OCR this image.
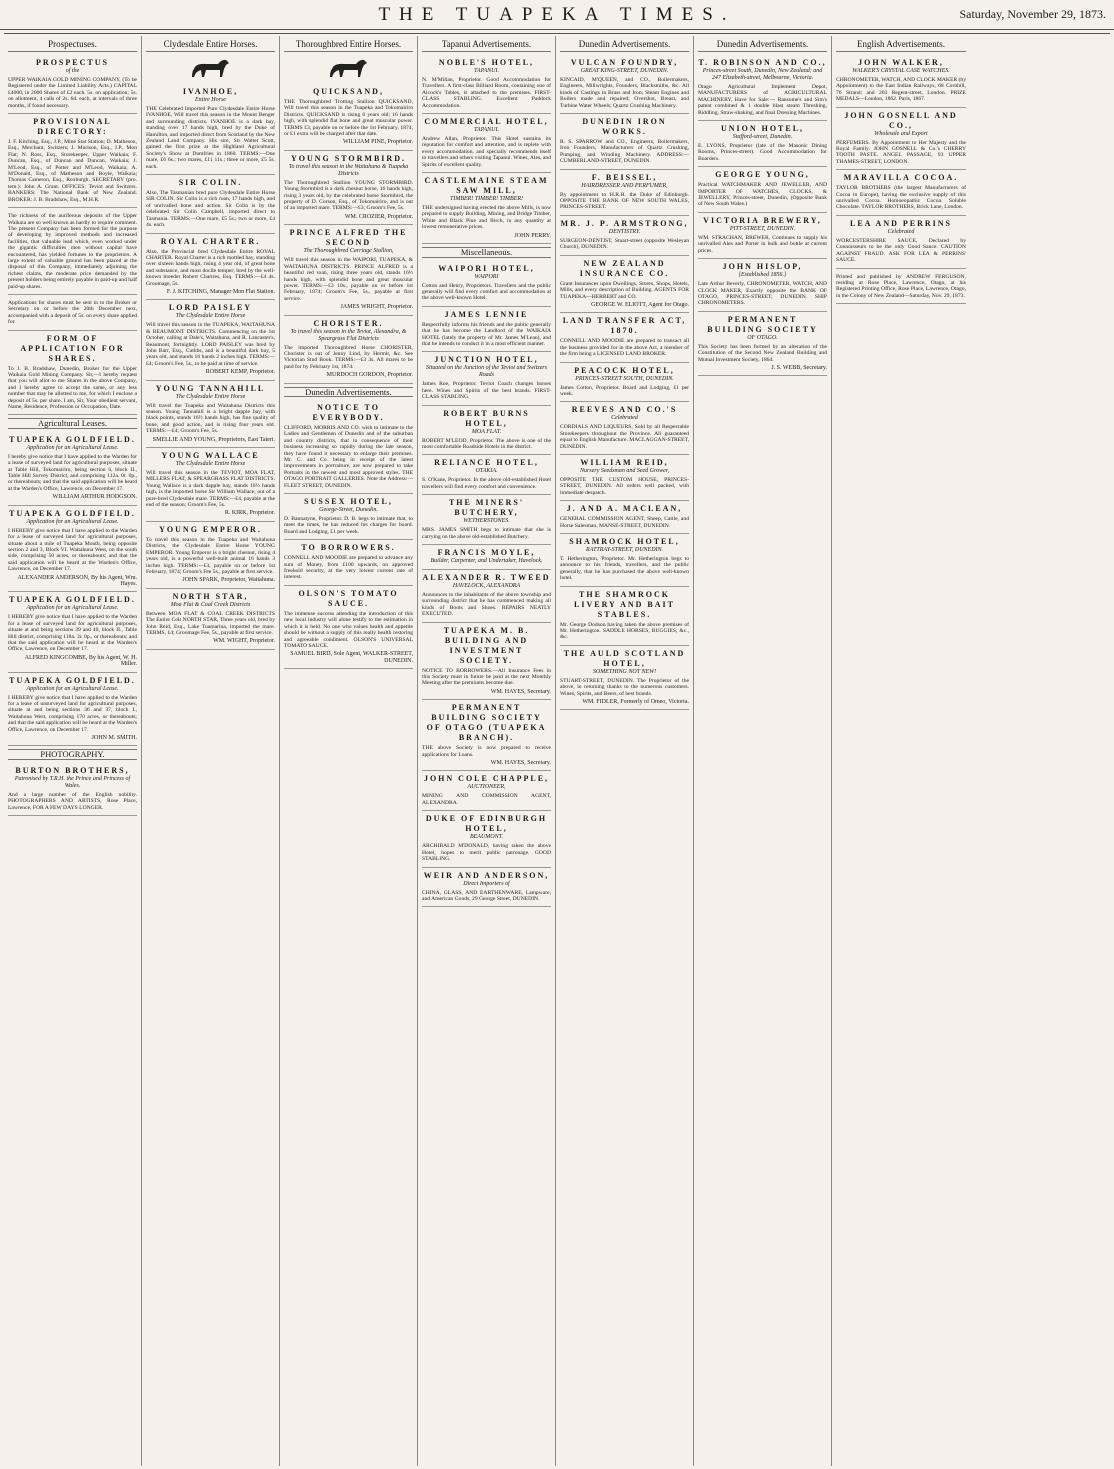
THE TUAPEKA TIMES.	Saturday, November 29, 1873.
Prospectuses.
PROSPECTUS
of the
UPPER WAIKAIA GOLD MINING COMPANY, (To be Registered under the Limited Liability Acts.) CAPITAL £4000, in 2000 Shares of £2 each. 5s. on application; 5s. on allotment, 4 calls of 2s. 6d. each, at intervals of three months, if found necessary.
PROVISIONAL DIRECTORY:
J. F. Kitching, Esq., J.P., Mine Stat Station; D. Matheson, Esq., Merchant, Switzers; J. Murison, Esq., J.P., Mon Flat; N. Ross, Esq., Storekeeper, Upper Waikaia; F. Duncan, Esq., of Duncan and Duncan, Waikaia; J. M'Leod, Esq., of Potter and M'Leod, Waikaia; A. M'Donald, Esq., of Matheson and Boyle, Waikaia; Thomas Cameron, Esq., Roxburgh. SECRETARY (pro. tem.): John A. Grant. OFFICES: Teviot and Switzers. BANKERS: The National Bank of New Zealand. BROKER: J. B. Bradshaw, Esq., M.H.R.
The richness of the auriferous deposits of the Upper Waikaia are so well known as hardly to require comment. The present Company has been formed for the purpose of developing by improved methods and increased facilities, that valuable lead which, even worked under the gigantic difficulties men without capital have encountered, has yielded fortunes to the proprietors. A large extent of valuable ground has been placed at the disposal of this Company, immediately adjoining the richest claims, the moderate price demanded by the present holders being entirely payable in paid-up and half paid-up shares.
Applications for shares must be sent in to the Broker or Secretary on or before the 20th December next, accompanied with a deposit of 5s. on every share applied for.
FORM OF APPLICATION FOR SHARES.
To J. B. Bradshaw, Dunedin, Broker for the Upper Waikaia Gold Mining Company. Sir,—I hereby request that you will allot to me Shares in the above Company, and I hereby agree to accept the same, or any less number that may be allotted to me, for which I enclose a deposit of 5s. per share. I am, Sir, Your obedient servant, Name, Residence, Profession or Occupation, Date.
Agricultural Leases.
TUAPEKA GOLDFIELD.
Application for an Agricultural Lease.
I hereby give notice that I have applied to the Warden for a lease of surveyed land for agricultural purposes, situate at Table Hill, Tokomairiro, being section 6, block II., Table Hill Survey District, and comprising 112a. 0r. 0p., or thereabouts; and that the said application will be heard at the Warden's Office, Lawrence, on December 17.
WILLIAM ARTHUR HODGSON.
TUAPEKA GOLDFIELD.
Application for an Agricultural Lease.
I HEREBY give notice that I have applied to the Warden for a lease of surveyed land for agricultural purposes, situate about a mile of Tuapeka Mouth, being opposite section 2 and 3, Block VI. Waitahuna West, on the south side, comprising 50 acres, or thereabouts; and that the said application will be heard at the Warden's Office, Lawrence, on December 17.
ALEXANDER ANDERSON, By his Agent, Wm. Hayes.
TUAPEKA GOLDFIELD.
Application for an Agricultural Lease.
I HEREBY give notice that I have applied to the Warden for a lease of surveyed land for agricultural purposes, situate at and being sections 39 and 40, block II., Table Hill district, comprising 118a. 3r. 0p., or thereabouts; and that the said application will be heard at the Warden's Office, Lawrence, on December 17.
ALFRED KINGCOMBE, By his Agent, W. H. Miller.
TUAPEKA GOLDFIELD.
Application for an Agricultural Lease.
I HEREBY give notice that I have applied to the Warden for a lease of unsurveyed land for agricultural purposes, situate at and being sections 36 and 37, block I., Waitahuna West, comprising 170 acres, or thereabouts; and that the said application will be heard at the Warden's Office, Lawrence, on December 17.
JOHN M. SMITH.
PHOTOGRAPHY.
BURTON BROTHERS,
Patronised by T.R.H. the Prince and Princess of Wales.
And a large number of the English nobility. PHOTOGRAPHERS AND ARTISTS, Rose Place, Lawrence, FOR A FEW DAYS LONGER.
Clydesdale Entire Horses.
IVANHOE,
Entire Horse
THE Celebrated Imported Pure Clydesdale Entire Horse IVANHOE, Will travel this season in the Mount Benger and surrounding districts. IVANHOE is a dark bay, standing over 17 hands high, bred by the Duke of Hamilton, and imported direct from Scotland by the New Zealand Land Company. His sire, Sir Walter Scott, gained the first prize at the Highland Agricultural Society's Show at Dumfries in 1860. TERMS:—One mare, £6 6s.; two mares, £11 11s.; three or more, £5 5s. each.
SIR COLIN.
Also, The Tasmanian bred pure Clydesdale Entire Horse SIR COLIN. Sir Colin is a rich roan, 17 hands high, and of unrivalled bone and action. Sir Colin is by the celebrated Sir Colin Campbell, imported direct to Tasmania. TERMS:—One mare, £5 5s.; two or more, £4 4s. each.
ROYAL CHARTER.
Also, the Provincial bred Clydesdale Entire ROYAL CHARTER. Royal Charter is a rich mottled bay, standing over sixteen hands high, rising 4 year old, of great bone and substance, and most docile temper; bred by the well-known breeder Robert Chartres, Esq. TERMS:—£4 4s. Groomage, 5s.
F. J. KITCHING, Manager Mon Flat Station.
LORD PAISLEY
The Clydesdale Entire Horse
Will travel this season in the TUAPEKA, WAITAHUNA & BEAUMONT DISTRICTS. Commencing on the 1st October, calling at Dale's, Waitahuna, and R. Lancaster's, Beaumont, fortnightly. LORD PAISLEY was bred by John Barr, Esq., Cuthbs, and is a beautiful dark bay, 5 years old, and stands 16 hands 2 inches high. TERMS:—£4; Groom's Fee, 5s., to be paid at time of service.
ROBERT KEMP, Proprietor.
YOUNG TANNAHILL
The Clydesdale Entire Horse
Will travel the Tuapeka and Waitahuna Districts this season. Young Tannahill is a bright dapple bay, with black points, stands 16½ hands high, has fine quality of bone, and good action, and is rising four years old. TERMS:—£4; Groom's Fee, 5s.
SMELLIE AND YOUNG, Proprietors, East Taieri.
YOUNG WALLACE
The Clydesdale Entire Horse
Will travel this season in the TEVIOT, MOA FLAT, MILLERS FLAT, & SPEARGRASS FLAT DISTRICTS. Young Wallace is a dark dapple bay, stands 16½ hands high, is the imported horse Sir William Wallace, out of a pure-bred Clydesdale mare. TERMS:—£4, payable at the end of the season; Groom's Fee, 5s.
R. KIRK, Proprietor.
YOUNG EMPEROR.
To travel this season in the Tuapeka and Waitahuna Districts, the Clydesdale Entire Horse YOUNG EMPEROR. Young Emperor is a bright chesnut, rising 4 years old, is a powerful well-built animal 16 hands 3 inches high. TERMS:—£3, payable on or before 1st February, 1874; Groom's Fee 5s., payable at first service.
JOHN SPARK, Proprietor, Waitahuna.
NORTH STAR,
Moa Flat & Coal Creek Districts
Between MOA FLAT & COAL CREEK DISTRICTS The Entire Colt NORTH STAR, Three years old, bred by John Reid, Esq., Lake Tuamarina, imported the mare. TERMS, £4; Groomage Fee, 5s., payable at first service.
WM. WIGHT, Proprietor.
Thoroughbred Entire Horses.
QUICKSAND,
THE Thoroughbred Trotting Stallion QUICKSAND, Will travel this season in the Tuapeka and Tokomairiro Districts. QUICKSAND is rising 6 years old; 16 hands high, with splendid flat bone and great muscular power. TERMS £3, payable on or before the 1st February, 1874, or £1 extra will be charged after that date.
WILLIAM PINE, Proprietor.
YOUNG STORMBIRD.
To travel this season in the Waitahuna & Tuapeka Districts
The Thoroughbred Stallion YOUNG STORMBIRD. Young Stormbird is a dark chesnut horse, 16 hands high, rising 3 years old, by the celebrated horse Stormbird, the property of D. Corson, Esq., of Tokomairiro, and is out of an imported mare. TERMS:—£3; Groom's Fee, 5s.
WM. CROZIER, Proprietor.
PRINCE ALFRED THE SECOND
The Thoroughbred Carriage Stallion,
Will travel this season in the WAIPORI, TUAPEKA, & WAITAHUNA DISTRICTS. PRINCE ALFRED is a beautiful red roan, rising three years old, stands 16½ hands high, with splendid bone and great muscular power. TERMS:—£3 10s., payable on or before 1st February, 1874; Groom's Fee, 5s., payable at first service.
JAMES WRIGHT, Proprietor.
CHORISTER.
To travel this season in the Teviot, Alexandra, & Speargrass Flat Districts
The imported Thoroughbred Horse CHORISTER, Chorister is out of Jenny Lind, by Hermit, &c. See Victorian Stud Book. TERMS:—£3 3s. All mares to be paid for by February 1st, 1874.
MURDOCH GORDON, Proprietor.
Dunedin Advertisements.
NOTICE TO EVERYBODY.
CLIFFORD, MORRIS AND CO. wish to intimate to the Ladies and Gentlemen of Dunedin and of the suburban and country districts, that in consequence of their business increasing so rapidly during the late season, they have found it necessary to enlarge their premises. Mr. C. and Co. being in receipt of the latest improvements in portraiture, are now prepared to take Portraits in the newest and most approved styles. THE OTAGO PORTRAIT GALLERIES. Note the Address:— FLEET STREET, DUNEDIN.
SUSSEX HOTEL,
George-Street, Dunedin.
D. Bannatyne, Proprietor. D. B. begs to intimate that, to meet the times, he has reduced his charges for board. Board and Lodging, £1 per week.
TO BORROWERS.
CONNELL AND MOODIE are prepared to advance any sum of Money, from £100 upwards, on approved freehold security, at the very lowest current rate of interest.
OLSON'S TOMATO SAUCE.
The immense success attending the introduction of this new local industry will alone testify to the estimation in which it is held. No one who values health and appetite should be without a supply of this really health restoring and agreeable condiment. OLSON'S UNIVERSAL TOMATO SAUCE.
SAMUEL BIRD, Sole Agent, WALKER-STREET, DUNEDIN.
Tapanui Advertisements.
NOBLE'S HOTEL,
TAPANUI.
N. M'Millan, Proprietor. Good Accommodation for Travellers. A first-class Billiard Room, containing one of Alcock's Tables, is attached to the premises. FIRST-CLASS STABLING. Excellent Paddock Accommodation.
COMMERCIAL HOTEL,
TAPANUI.
Andrew Allan, Proprietor. This Hotel sustains its reputation for comfort and attention, and is replete with every accommodation, and specially recommends itself to travellers and others visiting Tapanui. Wines, Ales, and Spirits of excellent quality.
CASTLEMAINE STEAM SAW MILL,
TIMBER! TIMBER! TIMBER!
THE undersigned having erected the above Mills, is now prepared to supply Building, Mining, and Bridge Timber, White and Black Pine and Birch, in any quantity at lowest remunerative prices.
JOHN PERRY.
Miscellaneous.
WAIPORI HOTEL,
WAIPORI
Cotton and Henry, Proprietors. Travellers and the public generally will find every comfort and accommodation at the above well-known Hotel.
JAMES LENNIE
Respectfully informs his friends and the public generally that he has become the Landlord of the WAIKAIA HOTEL (lately the property of Mr. James M'Lean), and that he intends to conduct it in a most efficient manner.
JUNCTION HOTEL,
Situated on the Junction of the Teviot and Switzers Roads
James Roe, Proprietor. Teviot Coach changes horses here. Wines and Spirits of the best brands. FIRST-CLASS STABLING.
ROBERT BURNS HOTEL,
MOA FLAT.
ROBERT M'LEOD, Proprietor. The above is one of the most comfortable Roadside Hotels in the district.
RELIANCE HOTEL,
OTAKIA.
S. O'Kane, Proprietor. In the above old-established Hotel travellers will find every comfort and convenience.
THE MINERS' BUTCHERY,
WETHERSTONES.
MRS. JAMES SMITH begs to intimate that she is carrying on the above old-established Butchery.
FRANCIS MOYLE,
Builder, Carpenter, and Undertaker, Havelock.
ALEXANDER R. TWEED
HAVELOCK, ALEXANDRA
Announces to the inhabitants of the above township and surrounding district that he has commenced making all kinds of Boots and Shoes. REPAIRS NEATLY EXECUTED.
TUAPEKA M. B. BUILDING AND INVESTMENT SOCIETY.
NOTICE TO BORROWERS.—All Insurance Fees in this Society must in future be paid at the next Monthly Meeting after the premiums become due.
WM. HAYES, Secretary.
PERMANENT BUILDING SOCIETY OF OTAGO (TUAPEKA BRANCH).
THE above Society is now prepared to receive applications for Loans.
WM. HAYES, Secretary.
JOHN COLE CHAPPLE,
AUCTIONEER,
MINING AND COMMISSION AGENT, ALEXANDRA.
DUKE OF EDINBURGH HOTEL,
BEAUMONT.
ARCHIBALD M'DONALD, having taken the above Hotel, hopes to merit public patronage. GOOD STABLING.
WEIR AND ANDERSON,
Direct Importers of
CHINA, GLASS, AND EARTHENWARE, Lampware, and American Goods, 29 George Street, DUNEDIN.
Dunedin Advertisements.
VULCAN FOUNDRY,
GREAT KING-STREET, DUNEDIN.
KINCAID, M'QUEEN, and CO., Boilermakers, Engineers, Millwrights, Founders, Blacksmiths, &c. All kinds of Castings in Brass and Iron; Steam Engines and Boilers made and repaired; Overshot, Breast, and Turbine Water Wheels; Quartz Crushing Machinery.
DUNEDIN IRON WORKS.
R. S. SPARROW and CO., Engineers, Boilermakers, Iron Founders, Manufacturers of Quartz Crushing, Pumping, and Winding Machinery. ADDRESS:—CUMBERLAND-STREET, DUNEDIN.
F. BEISSEL,
HAIRDRESSER AND PERFUMER,
By appointment to H.R.H. the Duke of Edinburgh. OPPOSITE THE BANK OF NEW SOUTH WALES, PRINCES-STREET.
MR. J. P. ARMSTRONG,
DENTISTRY.
SURGEON-DENTIST, Stuart-street (opposite Wesleyan Church), DUNEDIN.
NEW ZEALAND INSURANCE CO.
Grant Insurances upon Dwellings, Stores, Shops, Hotels, Mills, and every description of Building. AGENTS FOR TUAPEKA—HERBERT and CO.
GEORGE W. ELIOTT, Agent for Otago.
LAND TRANSFER ACT, 1870.
CONNELL AND MOODIE are prepared to transact all the business provided for in the above Act, a member of the firm being a LICENSED LAND BROKER.
PEACOCK HOTEL,
PRINCES-STREET SOUTH, DUNEDIN.
James Cotton, Proprietor. Board and Lodging, £1 per week.
REEVES AND CO.'S
Celebrated
CORDIALS AND LIQUEURS, Sold by all Respectable Storekeepers throughout the Province. All guaranteed equal to English Manufacture. MACLAGGAN-STREET, DUNEDIN.
WILLIAM REID,
Nursery Seedsman and Seed Grower,
OPPOSITE THE CUSTOM HOUSE, PRINCES-STREET, DUNEDIN. All orders well packed, with immediate despatch.
J. AND A. MACLEAN,
GENERAL COMMISSION AGENT, Sheep, Cattle, and Horse Salesman, MANSE-STREET, DUNEDIN.
SHAMROCK HOTEL,
RATTRAY-STREET, DUNEDIN.
T. Hetherington, Proprietor. Mr. Hetherington begs to announce to his friends, travellers, and the public generally, that he has purchased the above well-known hotel.
THE SHAMROCK LIVERY AND BAIT STABLES.
Mr. George Dodson having taken the above premises of Mr. Hetherington. SADDLE HORSES, BUGGIES, &c., &c.
THE AULD SCOTLAND HOTEL,
SOMETHING NOT NEW!
STUART-STREET, DUNEDIN. The Proprietor of the above, in returning thanks to the numerous customers. Wines, Spirits, and Beers, of best brands.
WM. FIDLER, Formerly of Omeo, Victoria.
Dunedin Advertisements.
T. ROBINSON AND CO.,
Princes-street South, Dunedin, New Zealand; and 247 Elizabeth-street, Melbourne, Victoria.
Otago Agricultural Implement Depot, MANUFACTURERS of AGRICULTURAL MACHINERY, Have for Sale:— Ransome's and Sim's patent combined & 1 double blast steam Threshing, Riddling, Straw-shaking, and final Dressing Machines.
UNION HOTEL,
Stafford-street, Dunedin.
E. LYONS, Proprietor (late of the Masonic Dining Rooms, Princes-street). Good Accommodation for Boarders.
GEORGE YOUNG,
Practical WATCHMAKER AND JEWELLER, AND IMPORTER OF WATCHES, CLOCKS, & JEWELLERY, Princes-street, Dunedin, (Opposite Bank of New South Wales.)
VICTORIA BREWERY,
PITT-STREET, DUNEDIN.
WM. STRACHAN, BREWER, Continues to supply his unrivalled Ales and Porter in bulk and bottle at current prices.
JOHN HISLOP,
[Established 1856.]
Late Arthur Beverly, CHRONOMETER, WATCH, AND CLOCK MAKER, Exactly opposite the BANK OF OTAGO, PRINCES-STREET, DUNEDIN. SHIP CHRONOMETERS.
PERMANENT BUILDING SOCIETY
OF OTAGO.
This Society has been formed by an alteration of the Constitution of the Second New Zealand Building and Mutual Investment Society, 1864.
J. S. WEBB, Secretary.
English Advertisements.
JOHN WALKER,
WALKER'S CRYSTAL CASE WATCHES.
CHRONOMETER, WATCH, AND CLOCK MAKER (by Appointment) to the East Indian Railways, 68 Cornhill, 76 Strand; and 203 Regent-street, London. PRIZE MEDALS—London, 1862. Paris, 1867.
JOHN GOSNELL AND CO.,
Wholesale and Export
PERFUMERS. By Appointment to Her Majesty and the Royal Family. JOHN GOSNELL & Co.'s CHERRY TOOTH PASTE. ANGEL PASSAGE, 93 UPPER THAMES-STREET, LONDON.
MARAVILLA COCOA.
TAYLOR BROTHERS (the largest Manufacturers of Cocoa in Europe), having the exclusive supply of this unrivalled Cocoa. Homoeopathic Cocoa. Soluble Chocolate. TAYLOR BROTHERS, Brick Lane, London.
LEA AND PERRINS
Celebrated
WORCESTERSHIRE SAUCE, Declared by Connoisseurs to be the only Good Sauce. CAUTION AGAINST FRAUD. ASK FOR LEA & PERRINS' SAUCE.
Printed and published by ANDREW FERGUSON, residing at Rose Place, Lawrence, Otago, at his Registered Printing Office, Rose Place, Lawrence, Otago, in the Colony of New Zealand—Saturday, Nov. 29, 1873.
